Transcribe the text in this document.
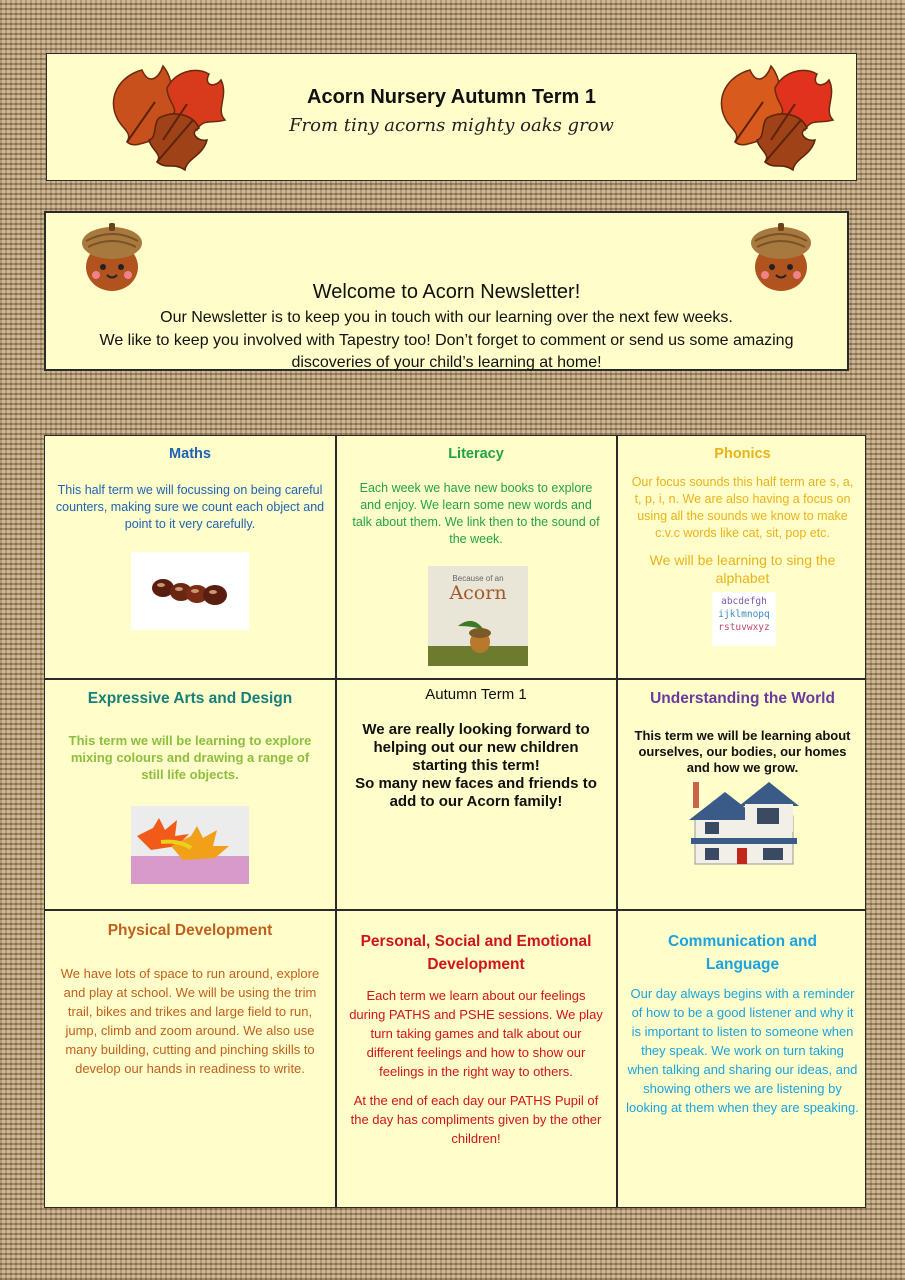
Acorn Nursery Autumn Term 1
From tiny acorns mighty oaks grow
Welcome to Acorn Newsletter!
Our Newsletter is to keep you in touch with our learning over the next few weeks.
We like to keep you involved with Tapestry too! Don’t forget to comment or send us some amazing
discoveries of your child’s learning at home!
Maths
This half term we will focussing on being careful counters, making sure we count each object and point to it very carefully.
Literacy
Each week we have new books to explore and enjoy. We learn some new words and talk about them. We link then to the sound of the week.
Because of an
Acorn
Phonics
Our focus sounds this half term are s, a, t, p, i, n. We are also having a focus on using all the sounds we know to make c.v.c words like cat, sit, pop etc.
We will be learning to sing the alphabet
abcdefgh
ijklmnopq
rstuvwxyz
Expressive Arts and Design
This term we will be learning to explore mixing colours and drawing a range of still life objects.
Autumn Term 1
We are really looking forward to helping out our new children starting this term!
So many new faces and friends to add to our Acorn family!
Understanding the World
This term we will be learning about ourselves, our bodies, our homes and how we grow.
Physical Development
We have lots of space to run around, explore and play at school. We will be using the trim trail, bikes and trikes and large field to run, jump, climb and zoom around. We also use many building, cutting and pinching skills to develop our hands in readiness to write.
Personal, Social and Emotional Development
Each term we learn about our feelings during PATHS and PSHE sessions. We play turn taking games and talk about our different feelings and how to show our feelings in the right way to others.
At the end of each day our PATHS Pupil of the day has compliments given by the other children!
Communication and Language
Our day always begins with a reminder of how to be a good listener and why it is important to listen to someone when they speak. We work on turn taking when talking and sharing our ideas, and showing others we are listening by looking at them when they are speaking.
